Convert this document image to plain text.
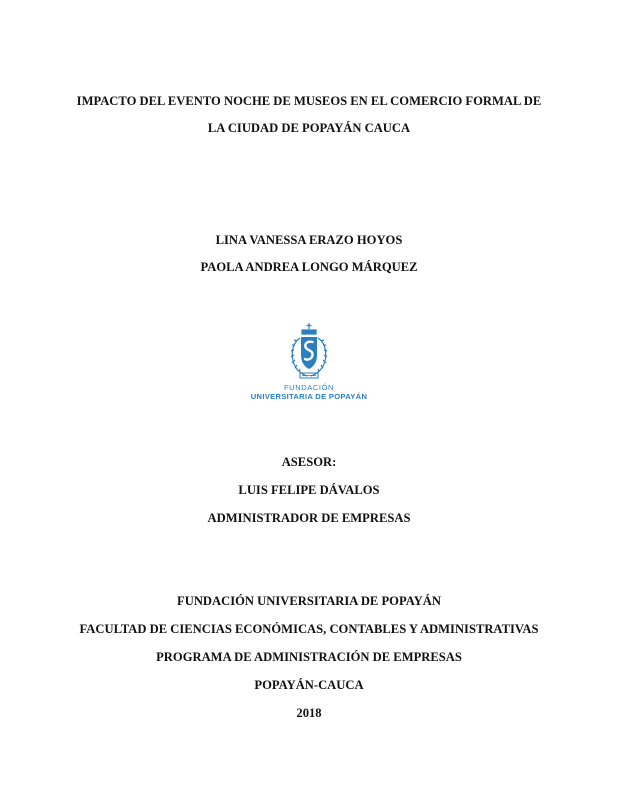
IMPACTO DEL EVENTO NOCHE DE MUSEOS EN EL COMERCIO FORMAL DE
LA CIUDAD DE POPAYÁN CAUCA
LINA VANESSA ERAZO HOYOS
PAOLA ANDREA LONGO MÁRQUEZ
FUNDACIÓN
UNIVERSITARIA DE POPAYÁN
ASESOR:
LUIS FELIPE DÁVALOS
ADMINISTRADOR DE EMPRESAS
FUNDACIÓN UNIVERSITARIA DE POPAYÁN
FACULTAD DE CIENCIAS ECONÓMICAS, CONTABLES Y ADMINISTRATIVAS
PROGRAMA DE ADMINISTRACIÓN DE EMPRESAS
POPAYÁN-CAUCA
2018
